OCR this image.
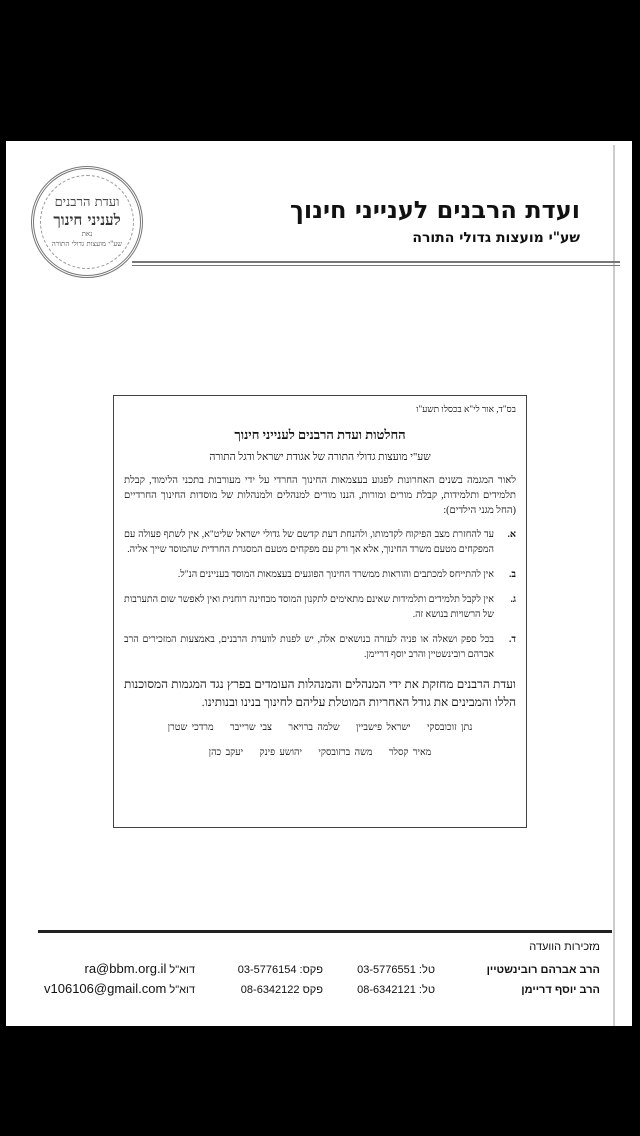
ועדת הרבנים
לעניני חינוך
נאת
שע"י מועצות גדולי התורה
ועדת הרבנים לענייני חינוך
שע"י מועצות גדולי התורה
בס"ד, אור לי"א בכסלו תשע"ו
החלטות ועדת הרבנים לענייני חינוך
שע"י מועצות גדולי התורה של אגודת ישראל ודגל התורה
לאור המגמה בשנים האחרונות לפגוע בעצמאות החינוך החרדי על ידי מעורבות בתכני הלימוד, קבלת תלמידים ותלמידות, קבלת מורים ומורות, הננו מורים למנהלים ולמנהלות של מוסדות החינוך החרדיים (החל מגני הילדים):
א.
עד להחזרת מצב הפיקוח לקדמותו, ולהנחת דעת קדשם של גדולי ישראל שליט"א, אין לשתף פעולה עם המפקחים מטעם משרד החינוך, אלא אך ורק עם מפקחים מטעם המסגרת החרדית שהמוסד שייך אליה.
ב.
אין להתייחס למכתבים והוראות ממשרד החינוך הפוגעים בעצמאות המוסד בעניינים הנ"ל.
ג.
אין לקבל תלמידים ותלמידות שאינם מתאימים לתקנון המוסד מבחינה רוחנית ואין לאפשר שום התערבות של הרשויות בנושא זה.
ד.
בכל ספק ושאלה או פניה לעזרה בנושאים אלה, יש לפנות לוועדת הרבנים, באמצעות המזכירים הרב אברהם רובינשטיין והרב יוסף דריימן.
ועדת הרבנים מחזקת את ידי המנהלים והמנהלות העומדים בפרץ נגד המגמות המסוכנות הללו והמבינים את גודל האחריות המוטלת עליהם לחינוך בנינו ובנותינו.
נתן זוכובסקי ישראל פישביין שלמה ברויאר צבי שרייבר מרדכי שטרן
מאיר קסלר משה ברזובסקי יהושע פינק יעקב כהן
מזכירות הוועדה
הרב אברהם רובינשטיין
טל: 03-5776551
פקס: 03-5776154
דוא"ל ra@bbm.org.il
הרב יוסף דריימן
טל: 08-6342121
פקס 08-6342122
דוא"ל v106106@gmail.com
